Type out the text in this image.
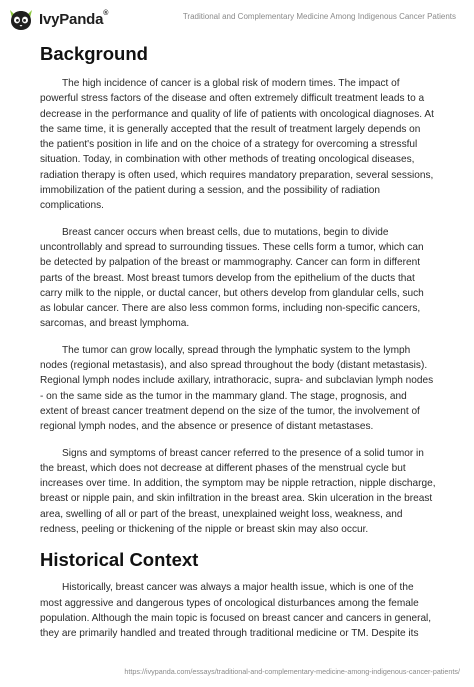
IvyPanda®	Traditional and Complementary Medicine Among Indigenous Cancer Patients
Background

The high incidence of cancer is a global risk of modern times. The impact of powerful stress factors of the disease and often extremely difficult treatment leads to a decrease in the performance and quality of life of patients with oncological diagnoses. At the same time, it is generally accepted that the result of treatment largely depends on the patient's position in life and on the choice of a strategy for overcoming a stressful situation. Today, in combination with other methods of treating oncological diseases, radiation therapy is often used, which requires mandatory preparation, several sessions, immobilization of the patient during a session, and the possibility of radiation complications.

Breast cancer occurs when breast cells, due to mutations, begin to divide uncontrollably and spread to surrounding tissues. These cells form a tumor, which can be detected by palpation of the breast or mammography. Cancer can form in different parts of the breast. Most breast tumors develop from the epithelium of the ducts that carry milk to the nipple, or ductal cancer, but others develop from glandular cells, such as lobular cancer. There are also less common forms, including non-specific cancers, sarcomas, and breast lymphoma.

The tumor can grow locally, spread through the lymphatic system to the lymph nodes (regional metastasis), and also spread throughout the body (distant metastasis). Regional lymph nodes include axillary, intrathoracic, supra- and subclavian lymph nodes - on the same side as the tumor in the mammary gland. The stage, prognosis, and extent of breast cancer treatment depend on the size of the tumor, the involvement of regional lymph nodes, and the absence or presence of distant metastases.

Signs and symptoms of breast cancer referred to the presence of a solid tumor in the breast, which does not decrease at different phases of the menstrual cycle but increases over time. In addition, the symptom may be nipple retraction, nipple discharge, breast or nipple pain, and skin infiltration in the breast area. Skin ulceration in the breast area, swelling of all or part of the breast, unexplained weight loss, weakness, and redness, peeling or thickening of the nipple or breast skin may also occur.

Historical Context

Historically, breast cancer was always a major health issue, which is one of the most aggressive and dangerous types of oncological disturbances among the female population. Although the main topic is focused on breast cancer and cancers in general, they are primarily handled and treated through traditional medicine or TM. Despite its

https://ivypanda.com/essays/traditional-and-complementary-medicine-among-indigenous-cancer-patients/
